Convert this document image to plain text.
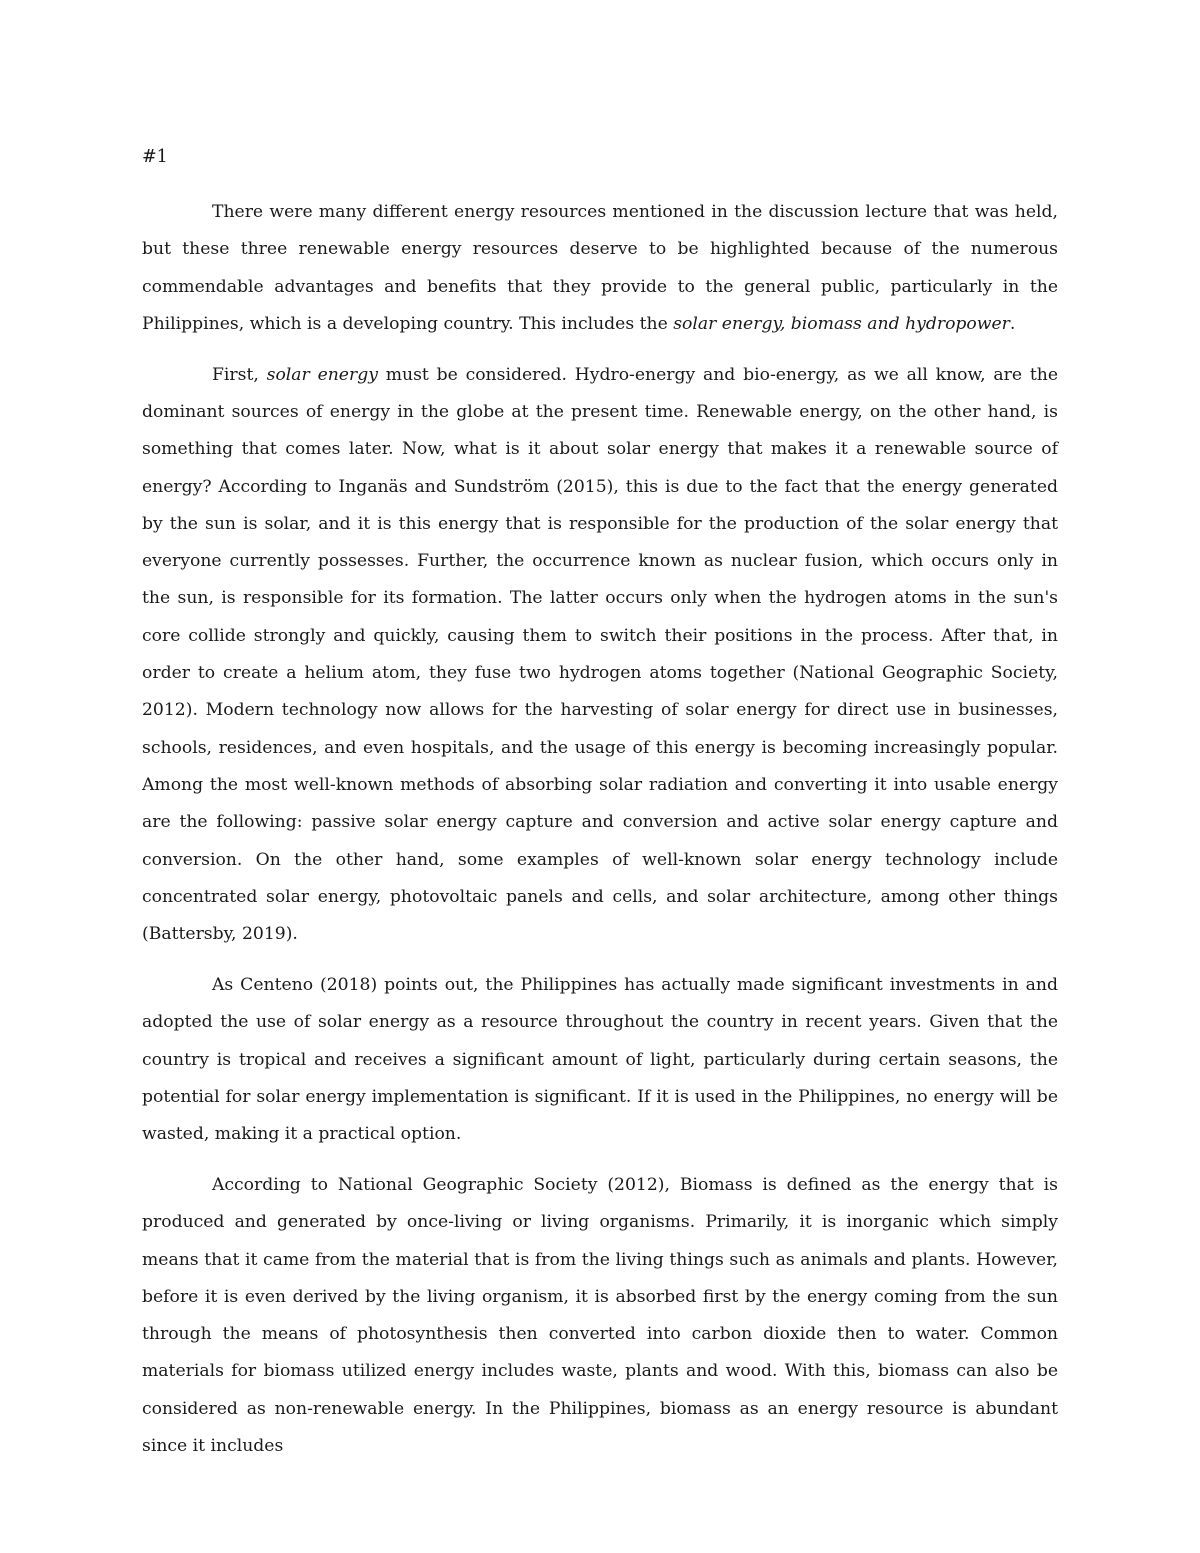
#1

There were many different energy resources mentioned in the discussion lecture that was held, but these three renewable energy resources deserve to be highlighted because of the numerous commendable advantages and benefits that they provide to the general public, particularly in the Philippines, which is a developing country. This includes the solar energy, biomass and hydropower.

First, solar energy must be considered. Hydro-energy and bio-energy, as we all know, are the dominant sources of energy in the globe at the present time. Renewable energy, on the other hand, is something that comes later. Now, what is it about solar energy that makes it a renewable source of energy? According to Inganäs and Sundström (2015), this is due to the fact that the energy generated by the sun is solar, and it is this energy that is responsible for the production of the solar energy that everyone currently possesses. Further, the occurrence known as nuclear fusion, which occurs only in the sun, is responsible for its formation. The latter occurs only when the hydrogen atoms in the sun's core collide strongly and quickly, causing them to switch their positions in the process. After that, in order to create a helium atom, they fuse two hydrogen atoms together (National Geographic Society, 2012). Modern technology now allows for the harvesting of solar energy for direct use in businesses, schools, residences, and even hospitals, and the usage of this energy is becoming increasingly popular. Among the most well-known methods of absorbing solar radiation and converting it into usable energy are the following: passive solar energy capture and conversion and active solar energy capture and conversion. On the other hand, some examples of well-known solar energy technology include concentrated solar energy, photovoltaic panels and cells, and solar architecture, among other things (Battersby, 2019).

As Centeno (2018) points out, the Philippines has actually made significant investments in and adopted the use of solar energy as a resource throughout the country in recent years. Given that the country is tropical and receives a significant amount of light, particularly during certain seasons, the potential for solar energy implementation is significant. If it is used in the Philippines, no energy will be wasted, making it a practical option.

According to National Geographic Society (2012), Biomass is defined as the energy that is produced and generated by once-living or living organisms. Primarily, it is inorganic which simply means that it came from the material that is from the living things such as animals and plants. However, before it is even derived by the living organism, it is absorbed first by the energy coming from the sun through the means of photosynthesis then converted into carbon dioxide then to water. Common materials for biomass utilized energy includes waste, plants and wood. With this, biomass can also be considered as non-renewable energy. In the Philippines, biomass as an energy resource is abundant since it includes
